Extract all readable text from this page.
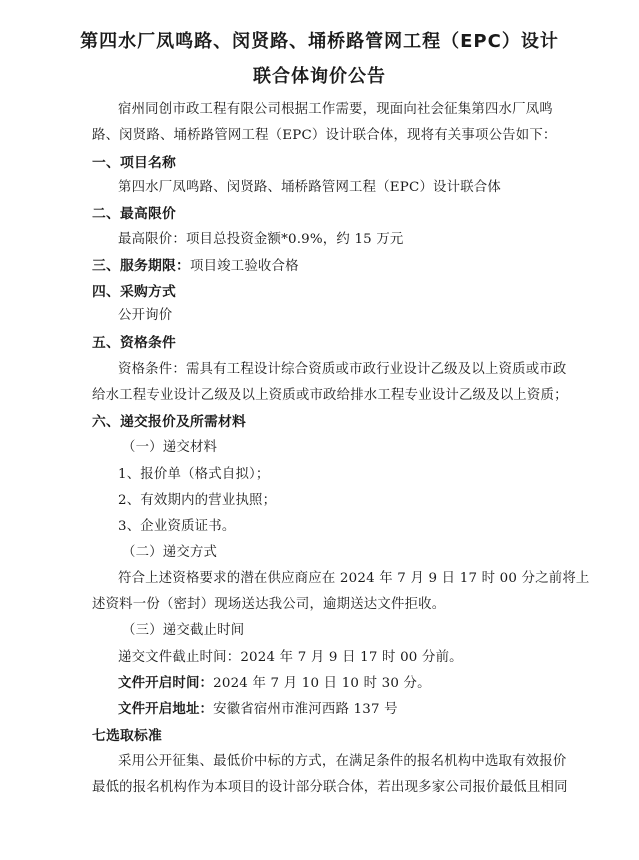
第四水厂凤鸣路、闵贤路、埇桥路管网工程（EPC）设计
联合体询价公告
宿州同创市政工程有限公司根据工作需要，现面向社会征集第四水厂凤鸣
路、闵贤路、埇桥路管网工程（EPC）设计联合体，现将有关事项公告如下：
一、项目名称
第四水厂凤鸣路、闵贤路、埇桥路管网工程（EPC）设计联合体
二、最高限价
最高限价：项目总投资金额*0.9%，约 15 万元
三、服务期限：项目竣工验收合格
四、采购方式
公开询价
五、资格条件
资格条件：需具有工程设计综合资质或市政行业设计乙级及以上资质或市政
给水工程专业设计乙级及以上资质或市政给排水工程专业设计乙级及以上资质；
六、递交报价及所需材料
（一）递交材料
1、报价单（格式自拟）；
2、有效期内的营业执照；
3、企业资质证书。
（二）递交方式
符合上述资格要求的潜在供应商应在 2024 年 7 月 9 日 17 时 00 分之前将上
述资料一份（密封）现场送达我公司，逾期送达文件拒收。
（三）递交截止时间
递交文件截止时间：2024 年 7 月 9 日 17 时 00 分前。
文件开启时间：2024 年 7 月 10 日 10 时 30 分。
文件开启地址：安徽省宿州市淮河西路 137 号
七选取标准
采用公开征集、最低价中标的方式，在满足条件的报名机构中选取有效报价
最低的报名机构作为本项目的设计部分联合体，若出现多家公司报价最低且相同
